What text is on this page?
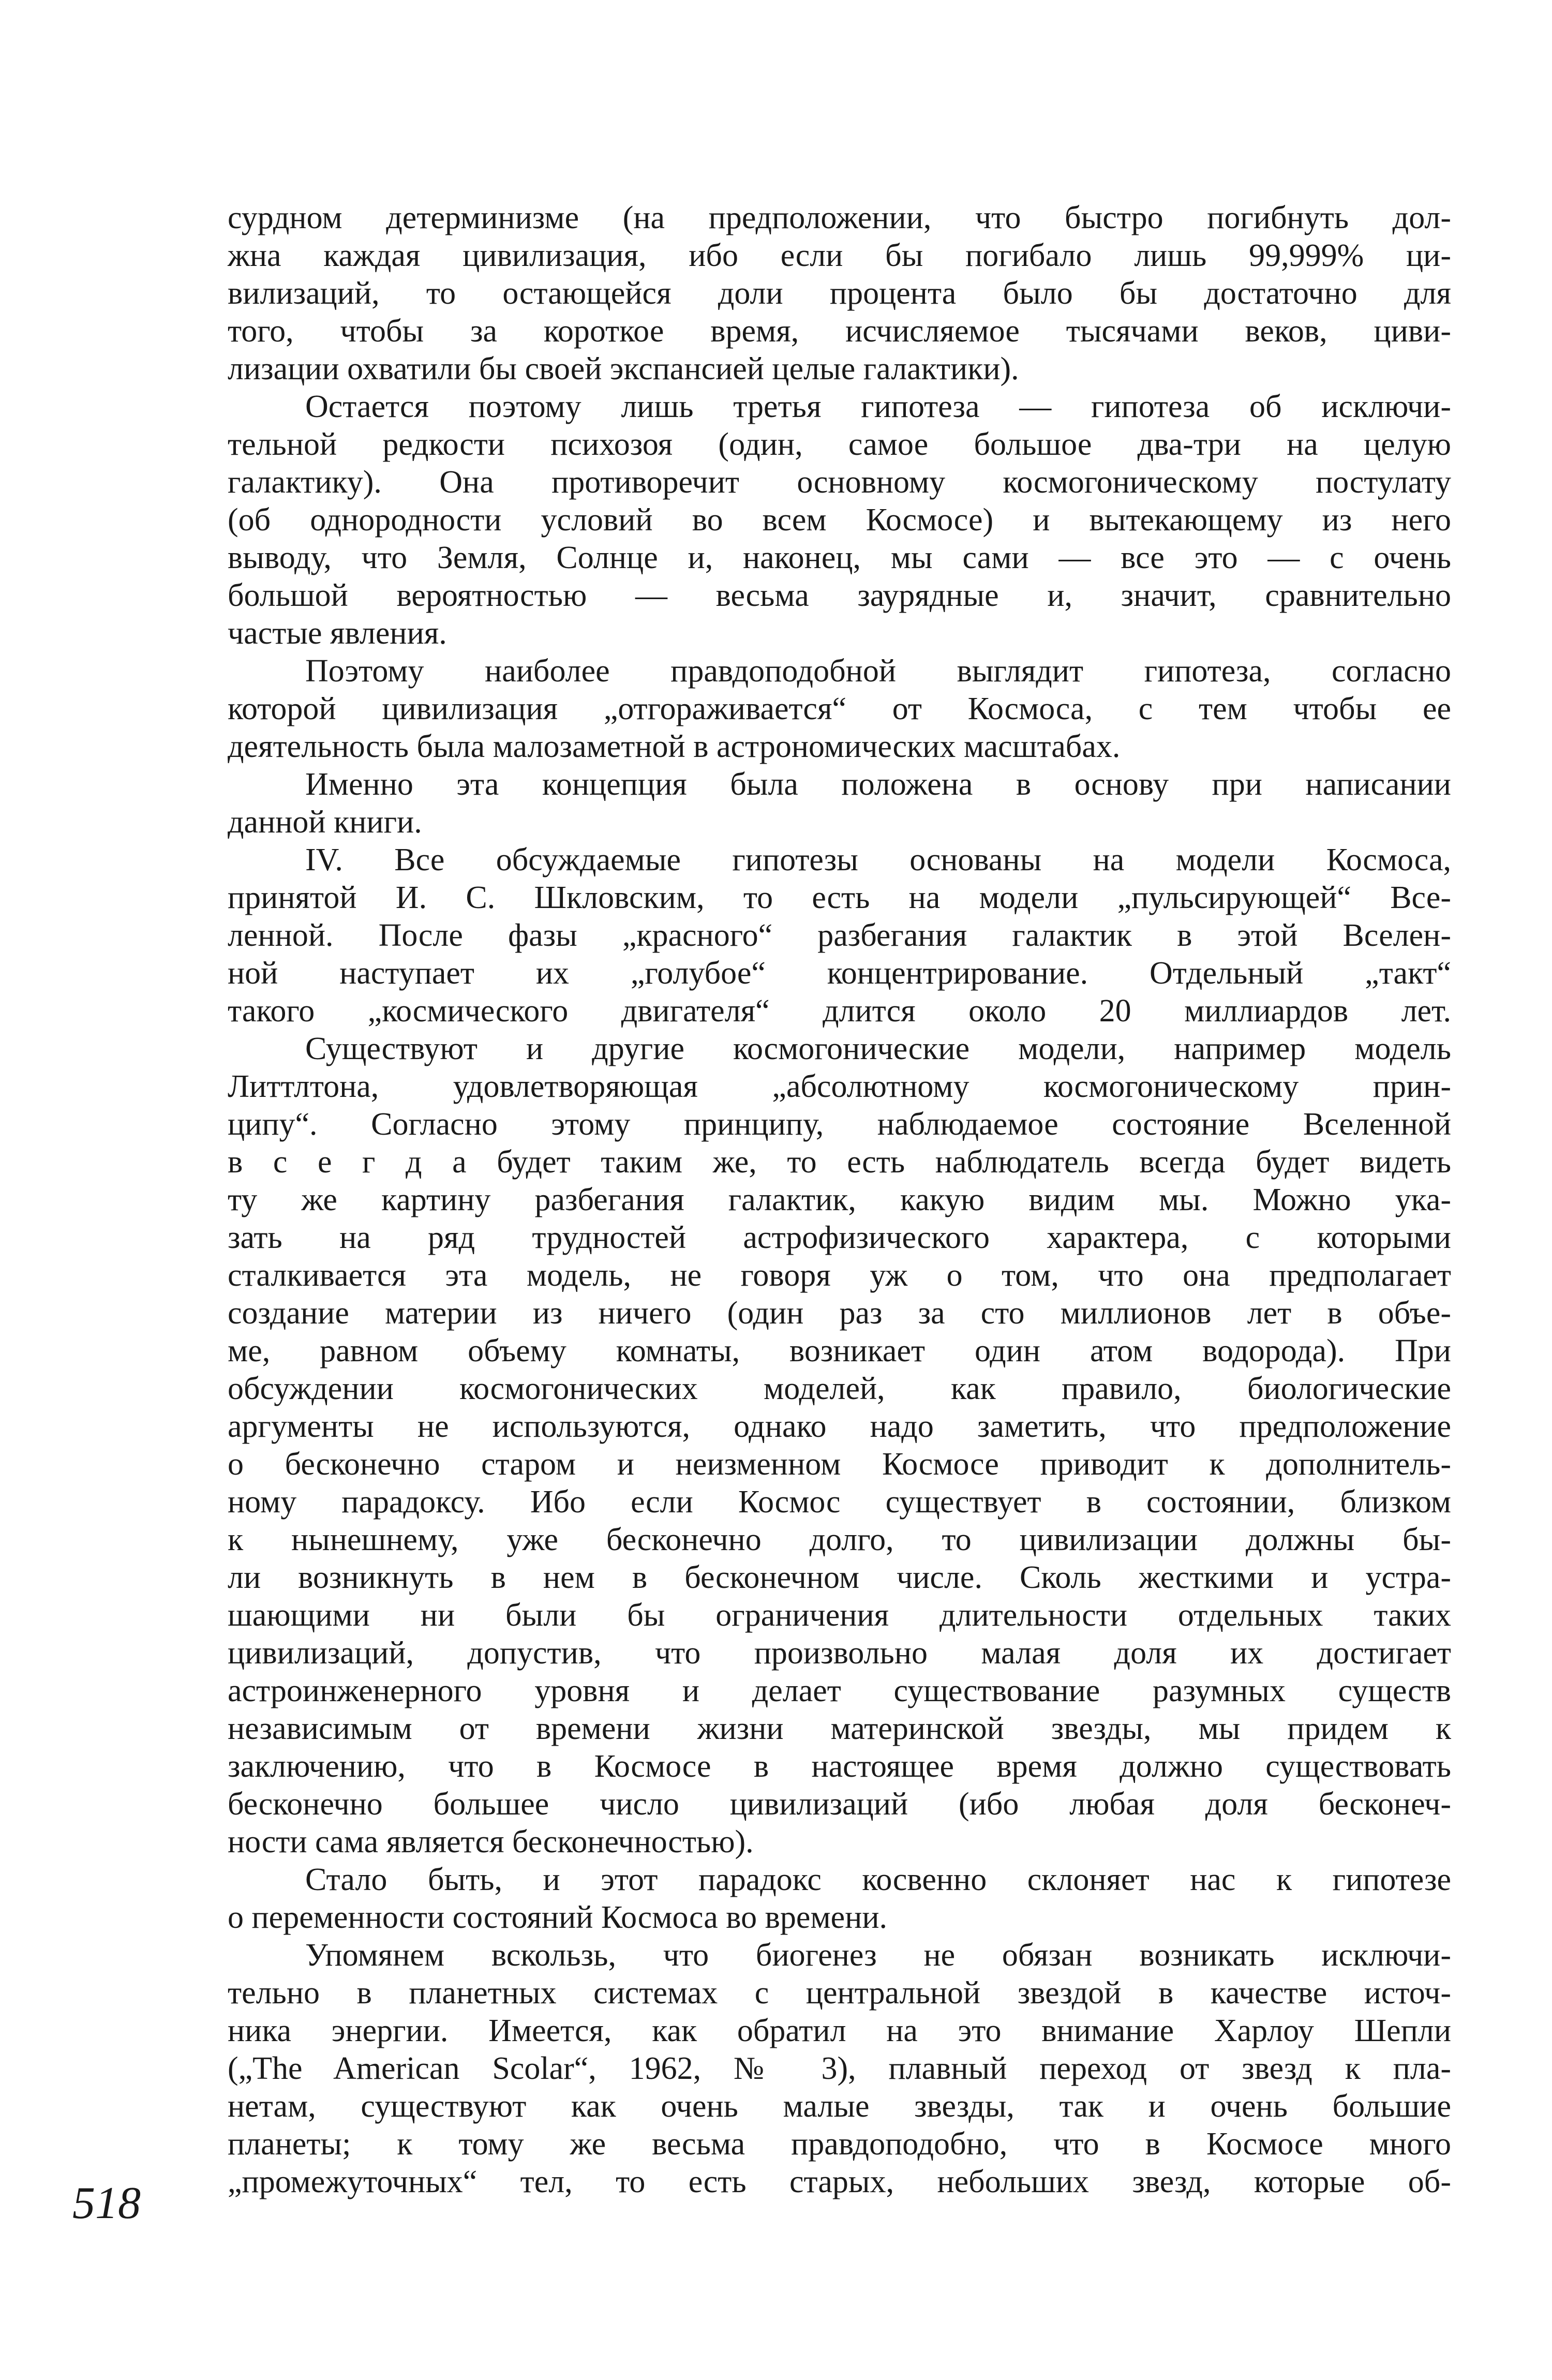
сурдном детерминизме (на предположении, что быстро погибнуть дол-
жна каждая цивилизация, ибо если бы погибало лишь 99,999% ци-
вилизаций, то остающейся доли процента было бы достаточно для
того, чтобы за короткое время, исчисляемое тысячами веков, циви-
лизации охватили бы своей экспансией целые галактики).
Остается поэтому лишь третья гипотеза — гипотеза об исключи-
тельной редкости психозоя (один, самое большое два-три на целую
галактику). Она противоречит основному космогоническому постулату
(об однородности условий во всем Космосе) и вытекающему из него
выводу, что Земля, Солнце и, наконец, мы сами — все это — с очень
большой вероятностью — весьма заурядные и, значит, сравнительно
частые явления.
Поэтому наиболее правдоподобной выглядит гипотеза, согласно
которой цивилизация „отгораживается“ от Космоса, с тем чтобы ее
деятельность была малозаметной в астрономических масштабах.
Именно эта концепция была положена в основу при написании
данной книги.
IV. Все обсуждаемые гипотезы основаны на модели Космоса,
принятой И. С. Шкловским, то есть на модели „пульсирующей“ Все-
ленной. После фазы „красного“ разбегания галактик в этой Вселен-
ной наступает их „голубое“ концентрирование. Отдельный „такт“
такого „космического двигателя“ длится около 20 миллиардов лет.
Существуют и другие космогонические модели, например модель
Литтлтона, удовлетворяющая „абсолютному космогоническому прин-
ципу“. Согласно этому принципу, наблюдаемое состояние Вселенной
в с е г д а будет таким же, то есть наблюдатель всегда будет видеть
ту же картину разбегания галактик, какую видим мы. Можно ука-
зать на ряд трудностей астрофизического характера, с которыми
сталкивается эта модель, не говоря уж о том, что она предполагает
создание материи из ничего (один раз за сто миллионов лет в объе-
ме, равном объему комнаты, возникает один атом водорода). При
обсуждении космогонических моделей, как правило, биологические
аргументы не используются, однако надо заметить, что предположение
о бесконечно старом и неизменном Космосе приводит к дополнитель-
ному парадоксу. Ибо если Космос существует в состоянии, близком
к нынешнему, уже бесконечно долго, то цивилизации должны бы-
ли возникнуть в нем в бесконечном числе. Сколь жесткими и устра-
шающими ни были бы ограничения длительности отдельных таких
цивилизаций, допустив, что произвольно малая доля их достигает
астроинженерного уровня и делает существование разумных существ
независимым от времени жизни материнской звезды, мы придем к
заключению, что в Космосе в настоящее время должно существовать
бесконечно большее число цивилизаций (ибо любая доля бесконеч-
ности сама является бесконечностью).
Стало быть, и этот парадокс косвенно склоняет нас к гипотезе
о переменности состояний Космоса во времени.
Упомянем вскользь, что биогенез не обязан возникать исключи-
тельно в планетных системах с центральной звездой в качестве источ-
ника энергии. Имеется, как обратил на это внимание Харлоу Шепли
(„The American Scolar“, 1962, № 3), плавный переход от звезд к пла-
нетам, существуют как очень малые звезды, так и очень большие
планеты; к тому же весьма правдоподобно, что в Космосе много
„промежуточных“ тел, то есть старых, небольших звезд, которые об-
518
